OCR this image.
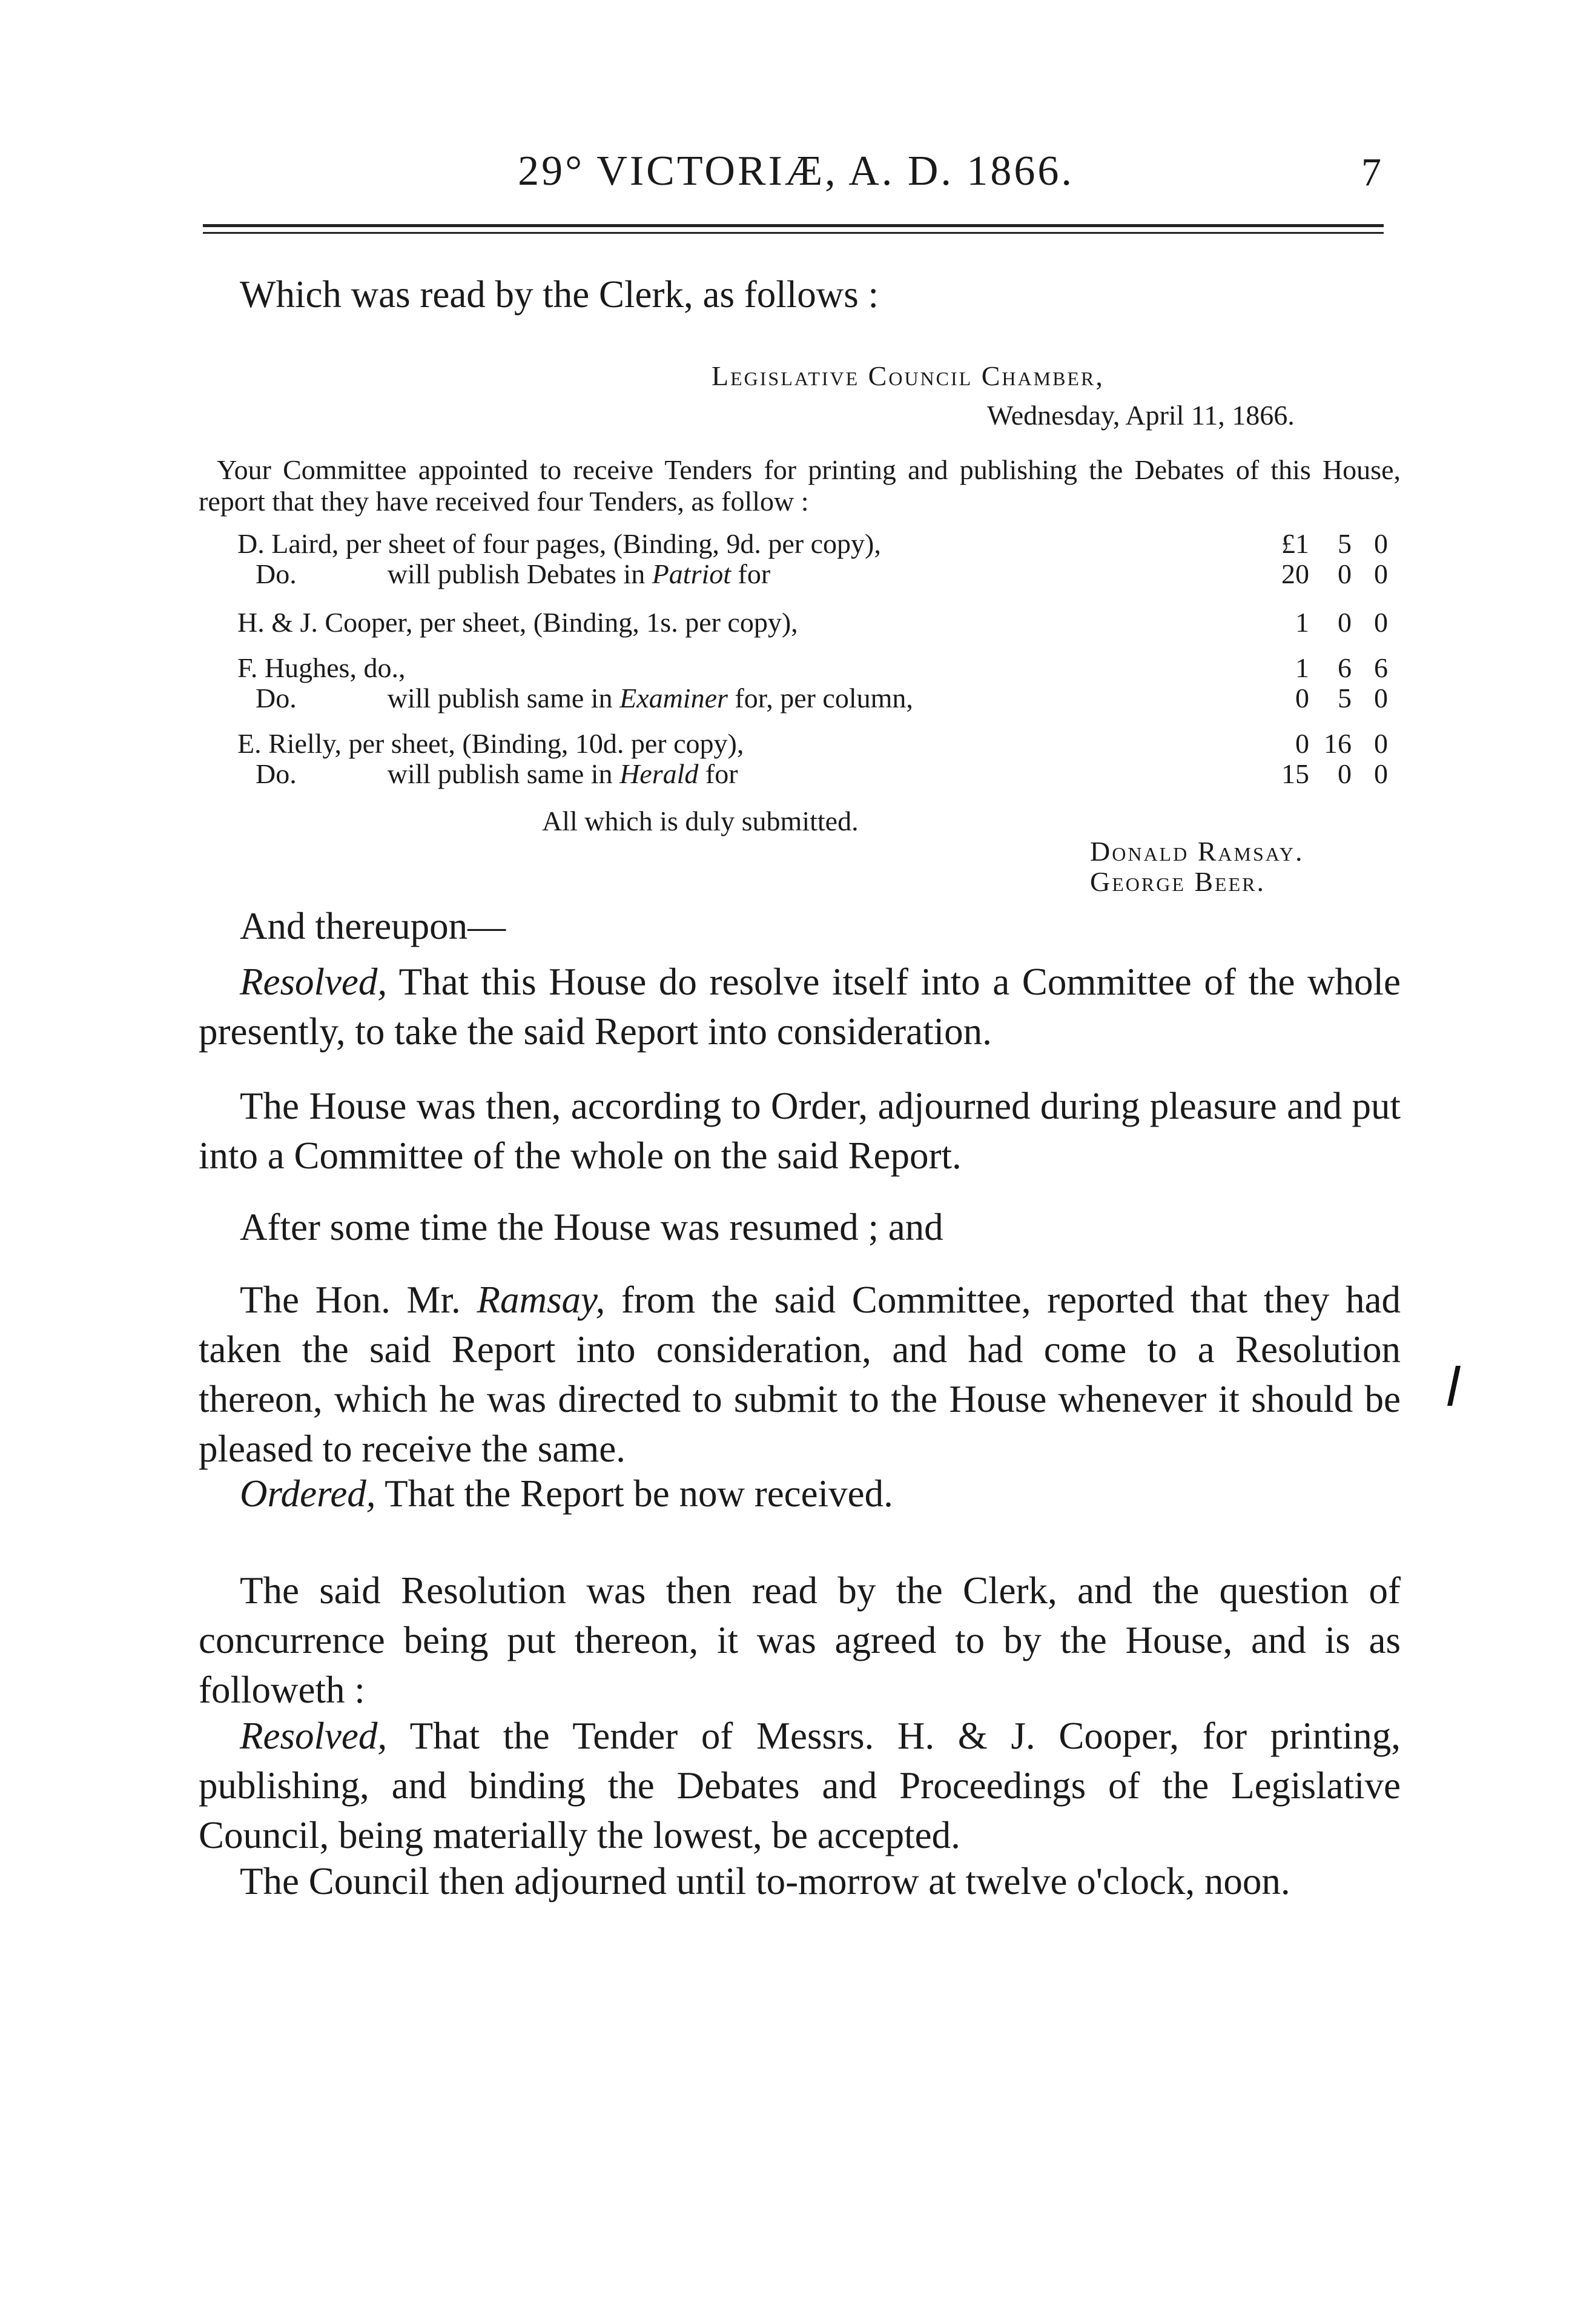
29° VICTORIÆ, A. D. 1866.	7
Which was read by the Clerk, as follows :
Legislative Council Chamber,
Wednesday, April 11, 1866.
Your Committee appointed to receive Tenders for printing and publishing the Debates of this House, report that they have received four Tenders, as follow :
D. Laird, per sheet of four pages, (Binding, 9d. per copy),	£1	5 0
Do.	will publish Debates in Patriot for	20	0 0
H. & J. Cooper, per sheet, (Binding, 1s. per copy),	1	0 0
F. Hughes, do.,	1	6 6
Do.	will publish same in Examiner for, per column,	0	5 0
E. Rielly, per sheet, (Binding, 10d. per copy),	0 16 0
Do.	will publish same in Herald for	15	0 0
All which is duly submitted.
Donald Ramsay.
George Beer.
And thereupon—
Resolved, That this House do resolve itself into a Committee of the whole presently, to take the said Report into consideration.
The House was then, according to Order, adjourned during pleasure and put into a Committee of the whole on the said Report.
After some time the House was resumed ; and
The Hon. Mr. Ramsay, from the said Committee, reported that they had taken the said Report into consideration, and had come to a Resolution thereon, which he was directed to submit to the House whenever it should be pleased to receive the same.
Ordered, That the Report be now received.
The said Resolution was then read by the Clerk, and the question of concurrence being put thereon, it was agreed to by the House, and is as followeth :
Resolved, That the Tender of Messrs. H. & J. Cooper, for printing, publishing, and binding the Debates and Proceedings of the Legislative Council, being materially the lowest, be accepted.
The Council then adjourned until to-morrow at twelve o'clock, noon.
